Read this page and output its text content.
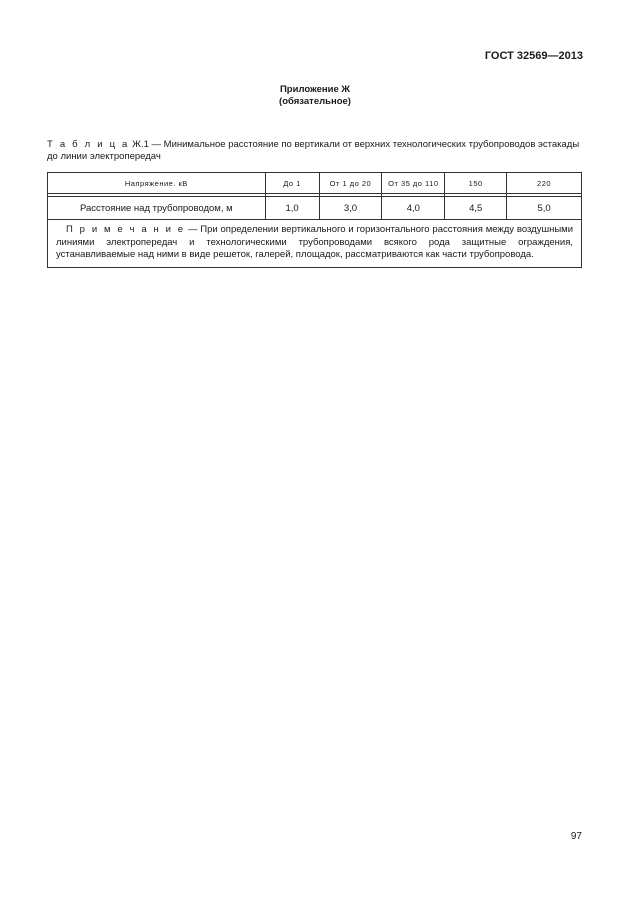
ГОСТ 32569—2013
Приложение Ж
(обязательное)
Т а б л и ц а Ж.1 — Минимальное расстояние по вертикали от верхних технологических трубопроводов эстакады до линии электропередач
Напряжение. кВ	До 1	От 1 до 20	От 35 до 110	150	220

Расстояние над трубопроводом, м	1,0	3,0	4,0	4,5	5,0
П р и м е ч а н и е — При определении вертикального и горизонтального расстояния между воздушными линиями электропередач и технологическими трубопроводами всякого рода защитные ограждения, устанавливаемые над ними в виде решеток, галерей, площадок, рассматриваются как части трубопровода.					
97
